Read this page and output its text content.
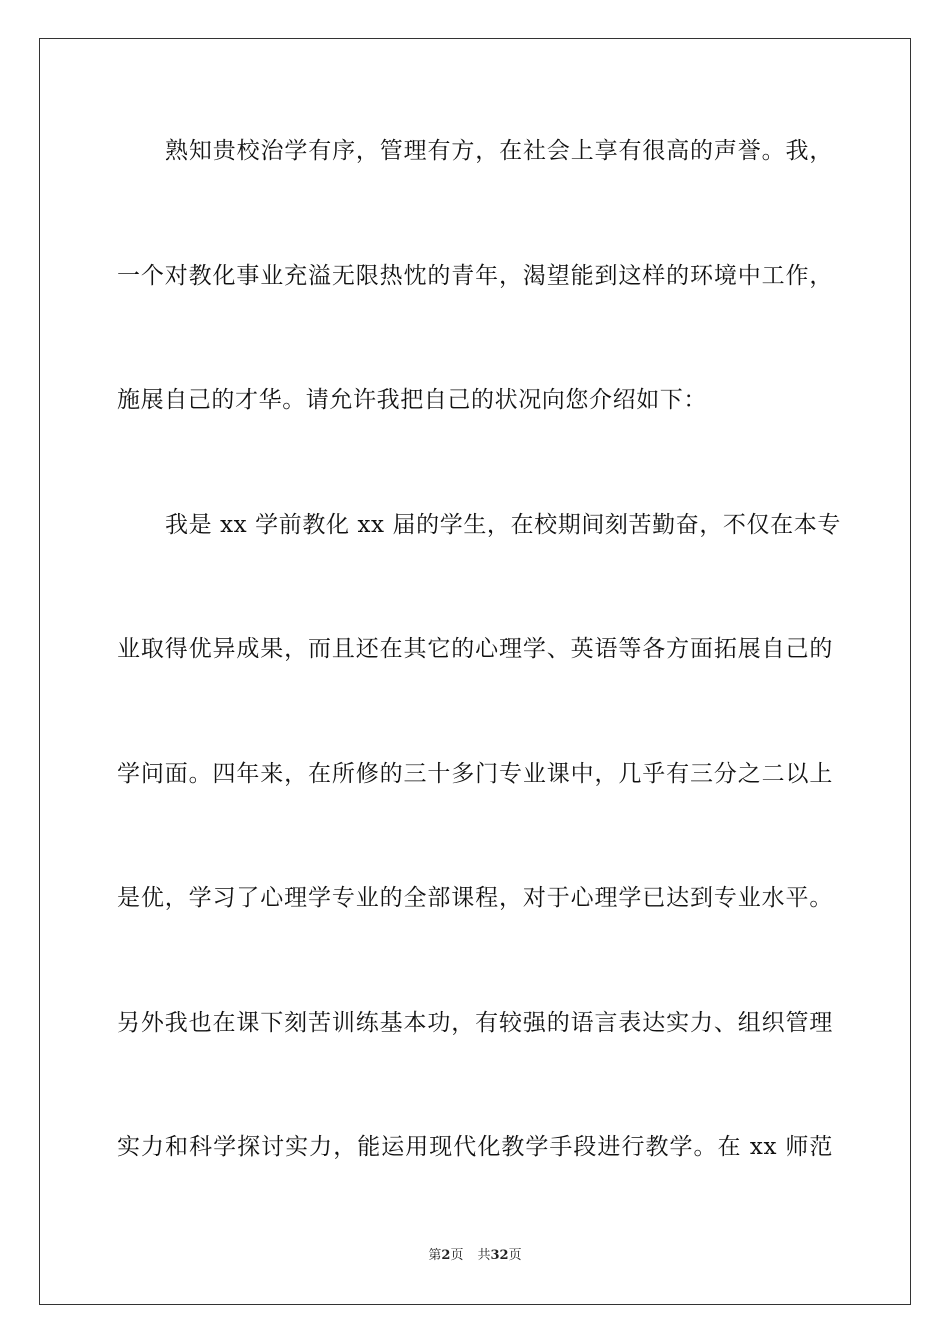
熟知贵校治学有序，管理有方，在社会上享有很高的声誉。我，
一个对教化事业充溢无限热忱的青年，渴望能到这样的环境中工作，
施展自己的才华。请允许我把自己的状况向您介绍如下：
我是 xx 学前教化 xx 届的学生，在校期间刻苦勤奋，不仅在本专
业取得优异成果，而且还在其它的心理学、英语等各方面拓展自己的
学问面。四年来，在所修的三十多门专业课中，几乎有三分之二以上
是优，学习了心理学专业的全部课程，对于心理学已达到专业水平。
另外我也在课下刻苦训练基本功，有较强的语言表达实力、组织管理
实力和科学探讨实力，能运用现代化教学手段进行教学。在 xx 师范
第2页 共32页
